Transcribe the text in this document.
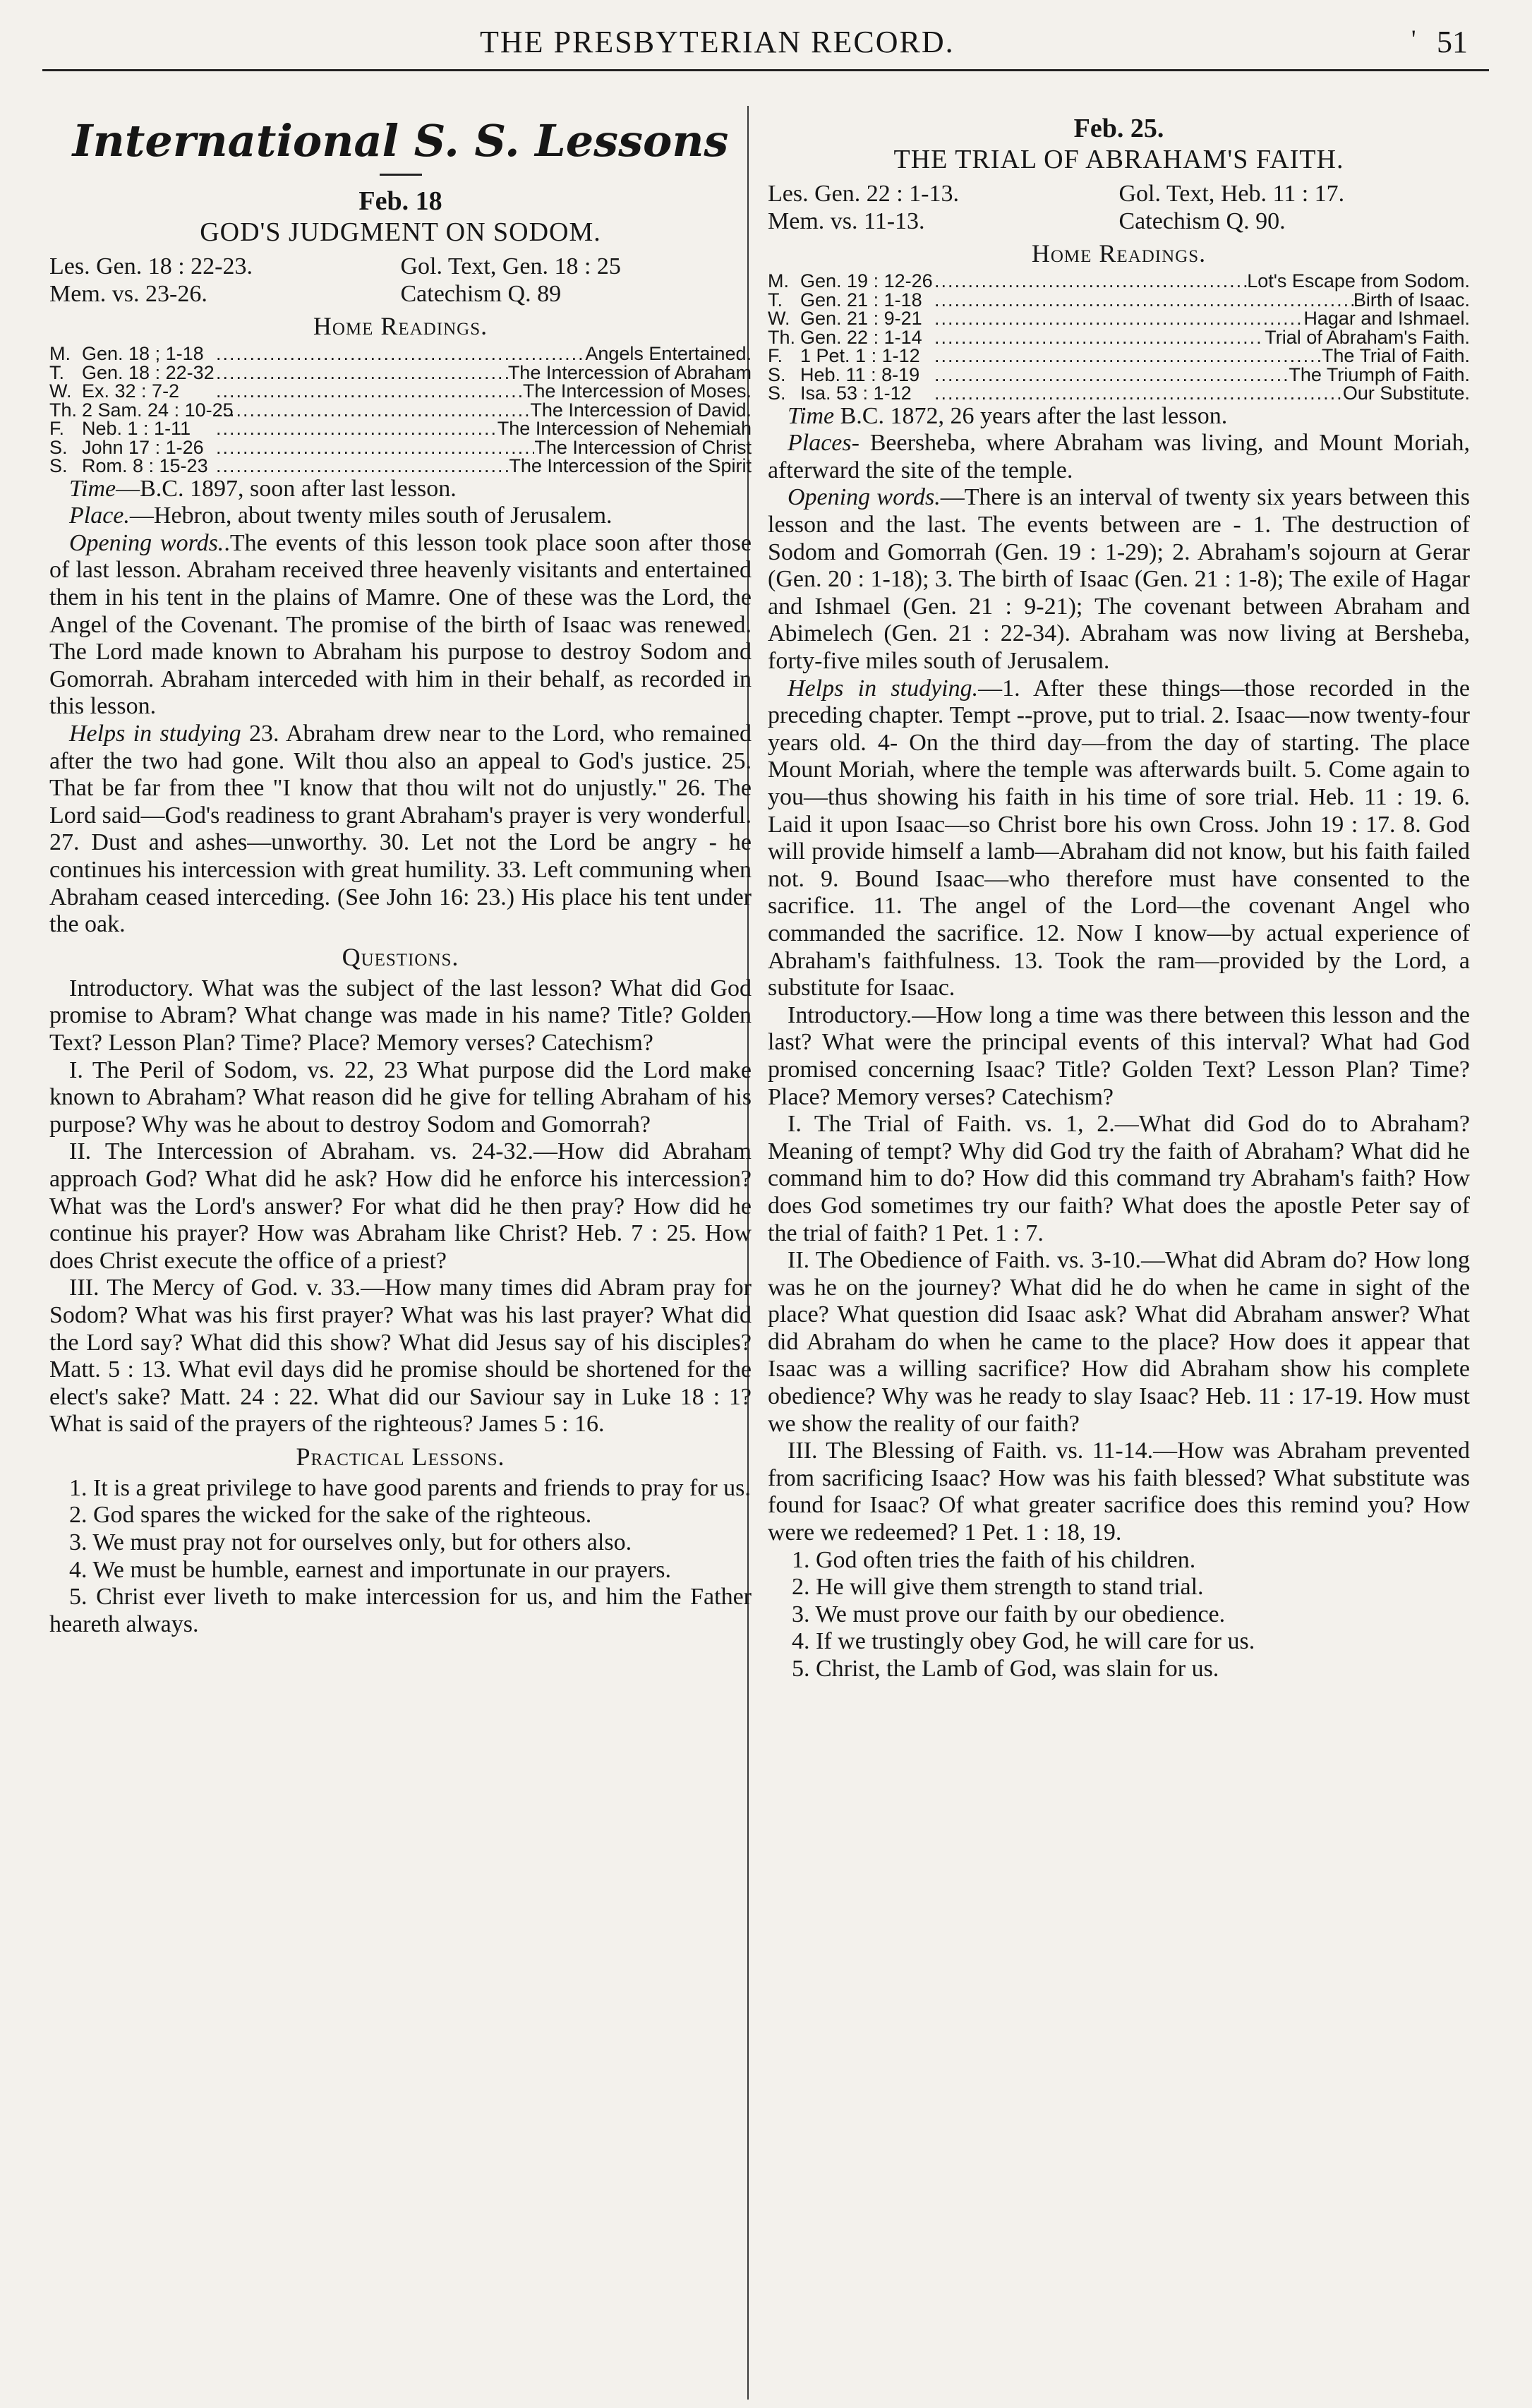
THE PRESBYTERIAN RECORD.	' 51

International S. S. Lessons

Feb. 18

GOD'S JUDGMENT ON SODOM.

Les. Gen. 18 : 22-23.	Gol. Text, Gen. 18 : 25
Mem. vs. 23-26.	Catechism Q. 89

Home Readings.

M. Gen. 18 ; 1-18 .....	Angels Entertained.
T. Gen. 18 : 22-32 .....	The Intercession of Abraham
W. Ex. 32 : 7-2 .....	The Intercession of Moses.
Th. 2 Sam. 24 : 10-25 .....	The Intercession of David.
F. Neb. 1 : 1-11 .....	The Intercession of Nehemiah
S. John 17 : 1-26 .....	The Intercession of Christ
S. Rom. 8 : 15-23 .....	The Intercession of the Spirit

Time—B.C. 1897, soon after last lesson.

Place.—Hebron, about twenty miles south of Jerusalem.

Opening words..The events of this lesson took place soon after those of last lesson. Abraham received three heavenly visitants and entertained them in his tent in the plains of Mamre. One of these was the Lord, the Angel of the Covenant. The promise of the birth of Isaac was renewed. The Lord made known to Abraham his purpose to destroy Sodom and Gomorrah. Abraham interceded with him in their behalf, as recorded in this lesson.

Helps in studying 23. Abraham drew near to the Lord, who remained after the two had gone. Wilt thou also an appeal to God's justice. 25. That be far from thee "I know that thou wilt not do unjustly." 26. The Lord said—God's readiness to grant Abraham's prayer is very wonderful. 27. Dust and ashes—unworthy. 30. Let not the Lord be angry - he continues his intercession with great humility. 33. Left communing when Abraham ceased interceding. (See John 16: 23.) His place his tent under the oak.

Questions.

Introductory. What was the subject of the last lesson? What did God promise to Abram? What change was made in his name? Title? Golden Text? Lesson Plan? Time? Place? Memory verses? Catechism?

I. The Peril of Sodom, vs. 22, 23 What purpose did the Lord make known to Abraham? What reason did he give for telling Abraham of his purpose? Why was he about to destroy Sodom and Gomorrah?

II. The Intercession of Abraham. vs. 24-32.—How did Abraham approach God? What did he ask? How did he enforce his intercession? What was the Lord's answer? For what did he then pray? How did he continue his prayer? How was Abraham like Christ? Heb. 7 : 25. How does Christ execute the office of a priest?

III. The Mercy of God. v. 33.—How many times did Abram pray for Sodom? What was his first prayer? What was his last prayer? What did the Lord say? What did this show? What did Jesus say of his disciples? Matt. 5 : 13. What evil days did he promise should be shortened for the elect's sake? Matt. 24 : 22. What did our Saviour say in Luke 18 : 1? What is said of the prayers of the righteous? James 5 : 16.

Practical Lessons.

1. It is a great privilege to have good parents and friends to pray for us.

2. God spares the wicked for the sake of the righteous.

3. We must pray not for ourselves only, but for others also.

4. We must be humble, earnest and importunate in our prayers.

5. Christ ever liveth to make intercession for us, and him the Father heareth always.

Feb. 25.

THE TRIAL OF ABRAHAM'S FAITH.

Les. Gen. 22 : 1-13.	Gol. Text, Heb. 11 : 17.
Mem. vs. 11-13.	Catechism Q. 90.

Home Readings.

M. Gen. 19 : 12-26 .....	Lot's Escape from Sodom.
T. Gen. 21 : 1-18 .....	Birth of Isaac.
W. Gen. 21 : 9-21 .....	Hagar and Ishmael.
Th. Gen. 22 : 1-14 .....	Trial of Abraham's Faith.
F. 1 Pet. 1 : 1-12 .....	The Trial of Faith.
S. Heb. 11 : 8-19 .....	The Triumph of Faith.
S. Isa. 53 : 1-12 .....	Our Substitute.

Time B.C. 1872, 26 years after the last lesson.

Places- Beersheba, where Abraham was living, and Mount Moriah, afterward the site of the temple.

Opening words.—There is an interval of twenty six years between this lesson and the last. The events between are - 1. The destruction of Sodom and Gomorrah (Gen. 19 : 1-29); 2. Abraham's sojourn at Gerar (Gen. 20 : 1-18); 3. The birth of Isaac (Gen. 21 : 1-8); The exile of Hagar and Ishmael (Gen. 21 : 9-21); The covenant between Abraham and Abimelech (Gen. 21 : 22-34). Abraham was now living at Bersheba, forty-five miles south of Jerusalem.

Helps in studying.—1. After these things—those recorded in the preceding chapter. Tempt --prove, put to trial. 2. Isaac—now twenty-four years old. 4- On the third day—from the day of starting. The place Mount Moriah, where the temple was afterwards built. 5. Come again to you—thus showing his faith in his time of sore trial. Heb. 11 : 19. 6. Laid it upon Isaac—so Christ bore his own Cross. John 19 : 17. 8. God will provide himself a lamb—Abraham did not know, but his faith failed not. 9. Bound Isaac—who therefore must have consented to the sacrifice. 11. The angel of the Lord—the covenant Angel who commanded the sacrifice. 12. Now I know—by actual experience of Abraham's faithfulness. 13. Took the ram—provided by the Lord, a substitute for Isaac.

Introductory.—How long a time was there between this lesson and the last? What were the principal events of this interval? What had God promised concerning Isaac? Title? Golden Text? Lesson Plan? Time? Place? Memory verses? Catechism?

I. The Trial of Faith. vs. 1, 2.—What did God do to Abraham? Meaning of tempt? Why did God try the faith of Abraham? What did he command him to do? How did this command try Abraham's faith? How does God sometimes try our faith? What does the apostle Peter say of the trial of faith? 1 Pet. 1 : 7.

II. The Obedience of Faith. vs. 3-10.—What did Abram do? How long was he on the journey? What did he do when he came in sight of the place? What question did Isaac ask? What did Abraham answer? What did Abraham do when he came to the place? How does it appear that Isaac was a willing sacrifice? How did Abraham show his complete obedience? Why was he ready to slay Isaac? Heb. 11 : 17-19. How must we show the reality of our faith?

III. The Blessing of Faith. vs. 11-14.—How was Abraham prevented from sacrificing Isaac? How was his faith blessed? What substitute was found for Isaac? Of what greater sacrifice does this remind you? How were we redeemed? 1 Pet. 1 : 18, 19.

1. God often tries the faith of his children.

2. He will give them strength to stand trial.

3. We must prove our faith by our obedience.

4. If we trustingly obey God, he will care for us.

5. Christ, the Lamb of God, was slain for us.
